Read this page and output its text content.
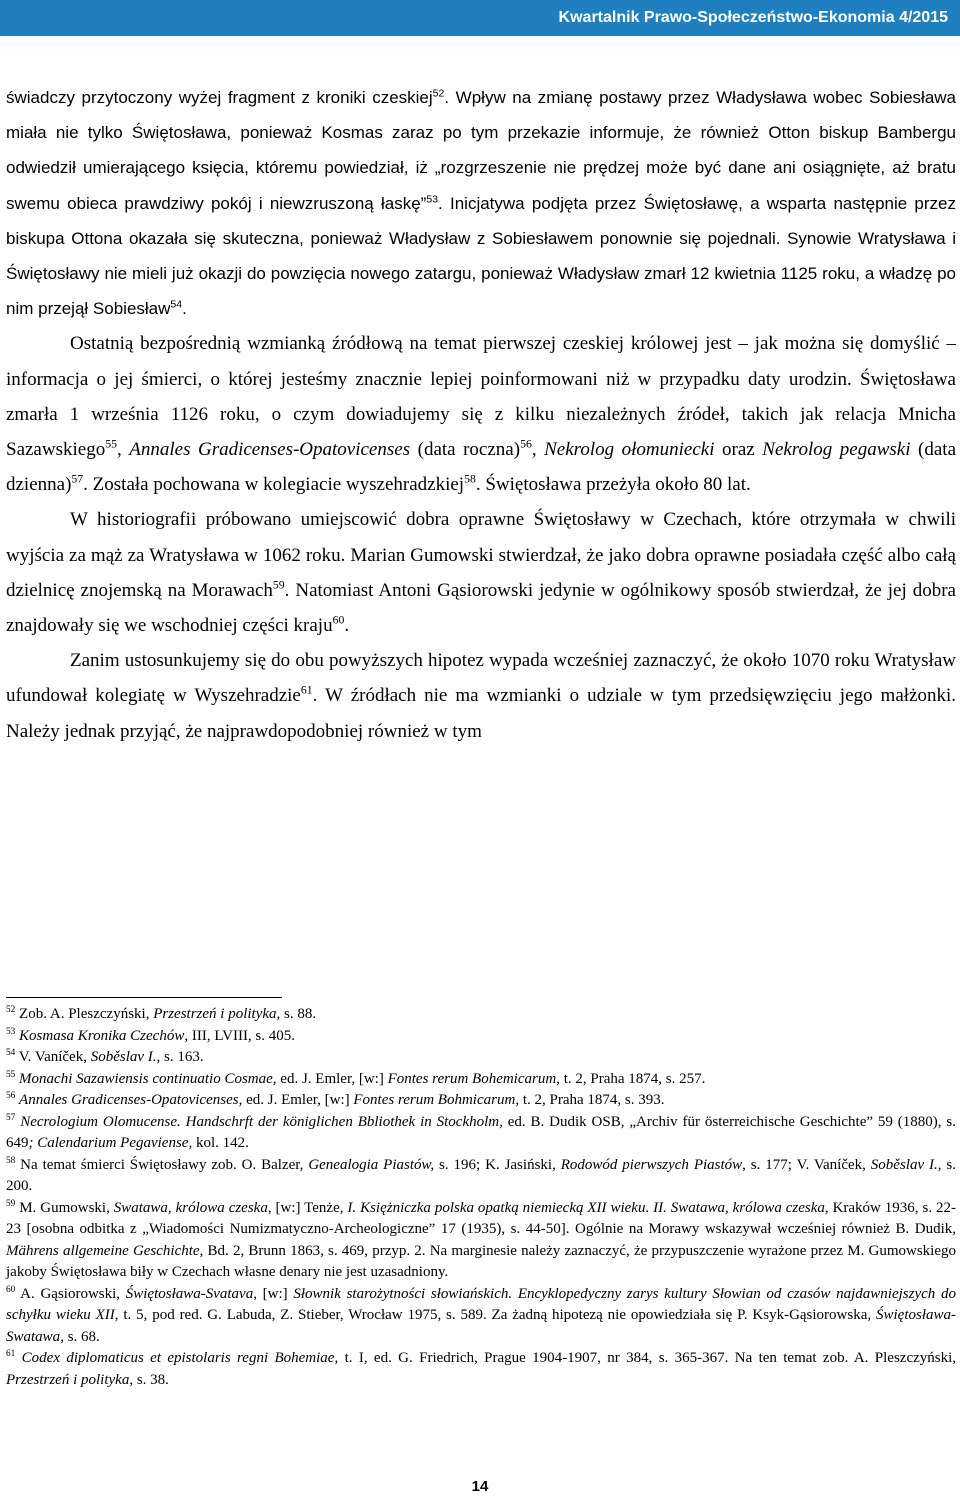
Kwartalnik Prawo-Społeczeństwo-Ekonomia 4/2015

świadczy przytoczony wyżej fragment z kroniki czeskiej$^{52}$. Wpływ na zmianę postawy przez Władysława wobec Sobiesława miała nie tylko Świętosława, ponieważ Kosmas zaraz po tym przekazie informuje, że również Otton biskup Bambergu odwiedził umierającego księcia, któremu powiedział, iż „rozgrzeszenie nie prędzej może być dane ani osiągnięte, aż bratu swemu obieca prawdziwy pokój i niewzruszoną łaskę”$^{53}$. Inicjatywa podjęta przez Świętosławę, a wsparta następnie przez biskupa Ottona okazała się skuteczna, ponieważ Władysław z Sobiesławem ponownie się pojednali. Synowie Wratysława i Świętosławy nie mieli już okazji do powzięcia nowego zatargu, ponieważ Władysław zmarł 12 kwietnia 1125 roku, a władzę po nim przejął Sobiesław$^{54}$.

Ostatnią bezpośrednią wzmianką źródłową na temat pierwszej czeskiej królowej jest – jak można się domyślić – informacja o jej śmierci, o której jesteśmy znacznie lepiej poinformowani niż w przypadku daty urodzin. Świętosława zmarła 1 września 1126 roku, o czym dowiadujemy się z kilku niezależnych źródeł, takich jak relacja Mnicha Sazawskiego$^{55}$, Annales Gradicenses-Opatovicenses (data roczna)$^{56}$, Nekrolog ołomuniecki oraz Nekrolog pegawski (data dzienna)$^{57}$. Została pochowana w kolegiacie wyszehradzkiej$^{58}$. Świętosława przeżyła około 80 lat.

W historiografii próbowano umiejscowić dobra oprawne Świętosławy w Czechach, które otrzymała w chwili wyjścia za mąż za Wratysława w 1062 roku. Marian Gumowski stwierdzał, że jako dobra oprawne posiadała część albo całą dzielnicę znojemską na Morawach$^{59}$. Natomiast Antoni Gąsiorowski jedynie w ogólnikowy sposób stwierdzał, że jej dobra znajdowały się we wschodniej części kraju$^{60}$.

Zanim ustosunkujemy się do obu powyższych hipotez wypada wcześniej zaznaczyć, że około 1070 roku Wratysław ufundował kolegiatę w Wyszehradzie$^{61}$. W źródłach nie ma wzmianki o udziale w tym przedsięwzięciu jego małżonki. Należy jednak przyjąć, że najprawdopodobniej również w tym

$^{52}$ Zob. A. Pleszczyński, Przestrzeń i polityka, s. 88.

$^{53}$ Kosmasa Kronika Czechów, III, LVIII, s. 405.

$^{54}$ V. Vaníček, Soběslav I., s. 163.

$^{55}$ Monachi Sazawiensis continuatio Cosmae, ed. J. Emler, [w:] Fontes rerum Bohemicarum, t. 2, Praha 1874, s. 257.

$^{56}$ Annales Gradicenses-Opatovicenses, ed. J. Emler, [w:] Fontes rerum Bohmicarum, t. 2, Praha 1874, s. 393.

$^{57}$ Necrologium Olomucense. Handschrft der königlichen Bbliothek in Stockholm, ed. B. Dudik OSB, „Archiv für österreichische Geschichte” 59 (1880), s. 649; Calendarium Pegaviense, kol. 142.

$^{58}$ Na temat śmierci Świętosławy zob. O. Balzer, Genealogia Piastów, s. 196; K. Jasiński, Rodowód pierwszych Piastów, s. 177; V. Vaníček, Soběslav I., s. 200.

$^{59}$ M. Gumowski, Swatawa, królowa czeska, [w:] Tenże, I. Księżniczka polska opatką niemiecką XII wieku. II. Swatawa, królowa czeska, Kraków 1936, s. 22-23 [osobna odbitka z „Wiadomości Numizmatyczno-Archeologiczne” 17 (1935), s. 44-50]. Ogólnie na Morawy wskazywał wcześniej również B. Dudik, Mährens allgemeine Geschichte, Bd. 2, Brunn 1863, s. 469, przyp. 2. Na marginesie należy zaznaczyć, że przypuszczenie wyrażone przez M. Gumowskiego jakoby Świętosława biły w Czechach własne denary nie jest uzasadniony.

$^{60}$ A. Gąsiorowski, Świętosława-Svatava, [w:] Słownik starożytności słowiańskich. Encyklopedyczny zarys kultury Słowian od czasów najdawniejszych do schyłku wieku XII, t. 5, pod red. G. Labuda, Z. Stieber, Wrocław 1975, s. 589. Za żadną hipotezą nie opowiedziała się P. Ksyk-Gąsiorowska, Świętosława-Swatawa, s. 68.

$^{61}$ Codex diplomaticus et epistolaris regni Bohemiae, t. I, ed. G. Friedrich, Prague 1904-1907, nr 384, s. 365-367. Na ten temat zob. A. Pleszczyński, Przestrzeń i polityka, s. 38.

14
